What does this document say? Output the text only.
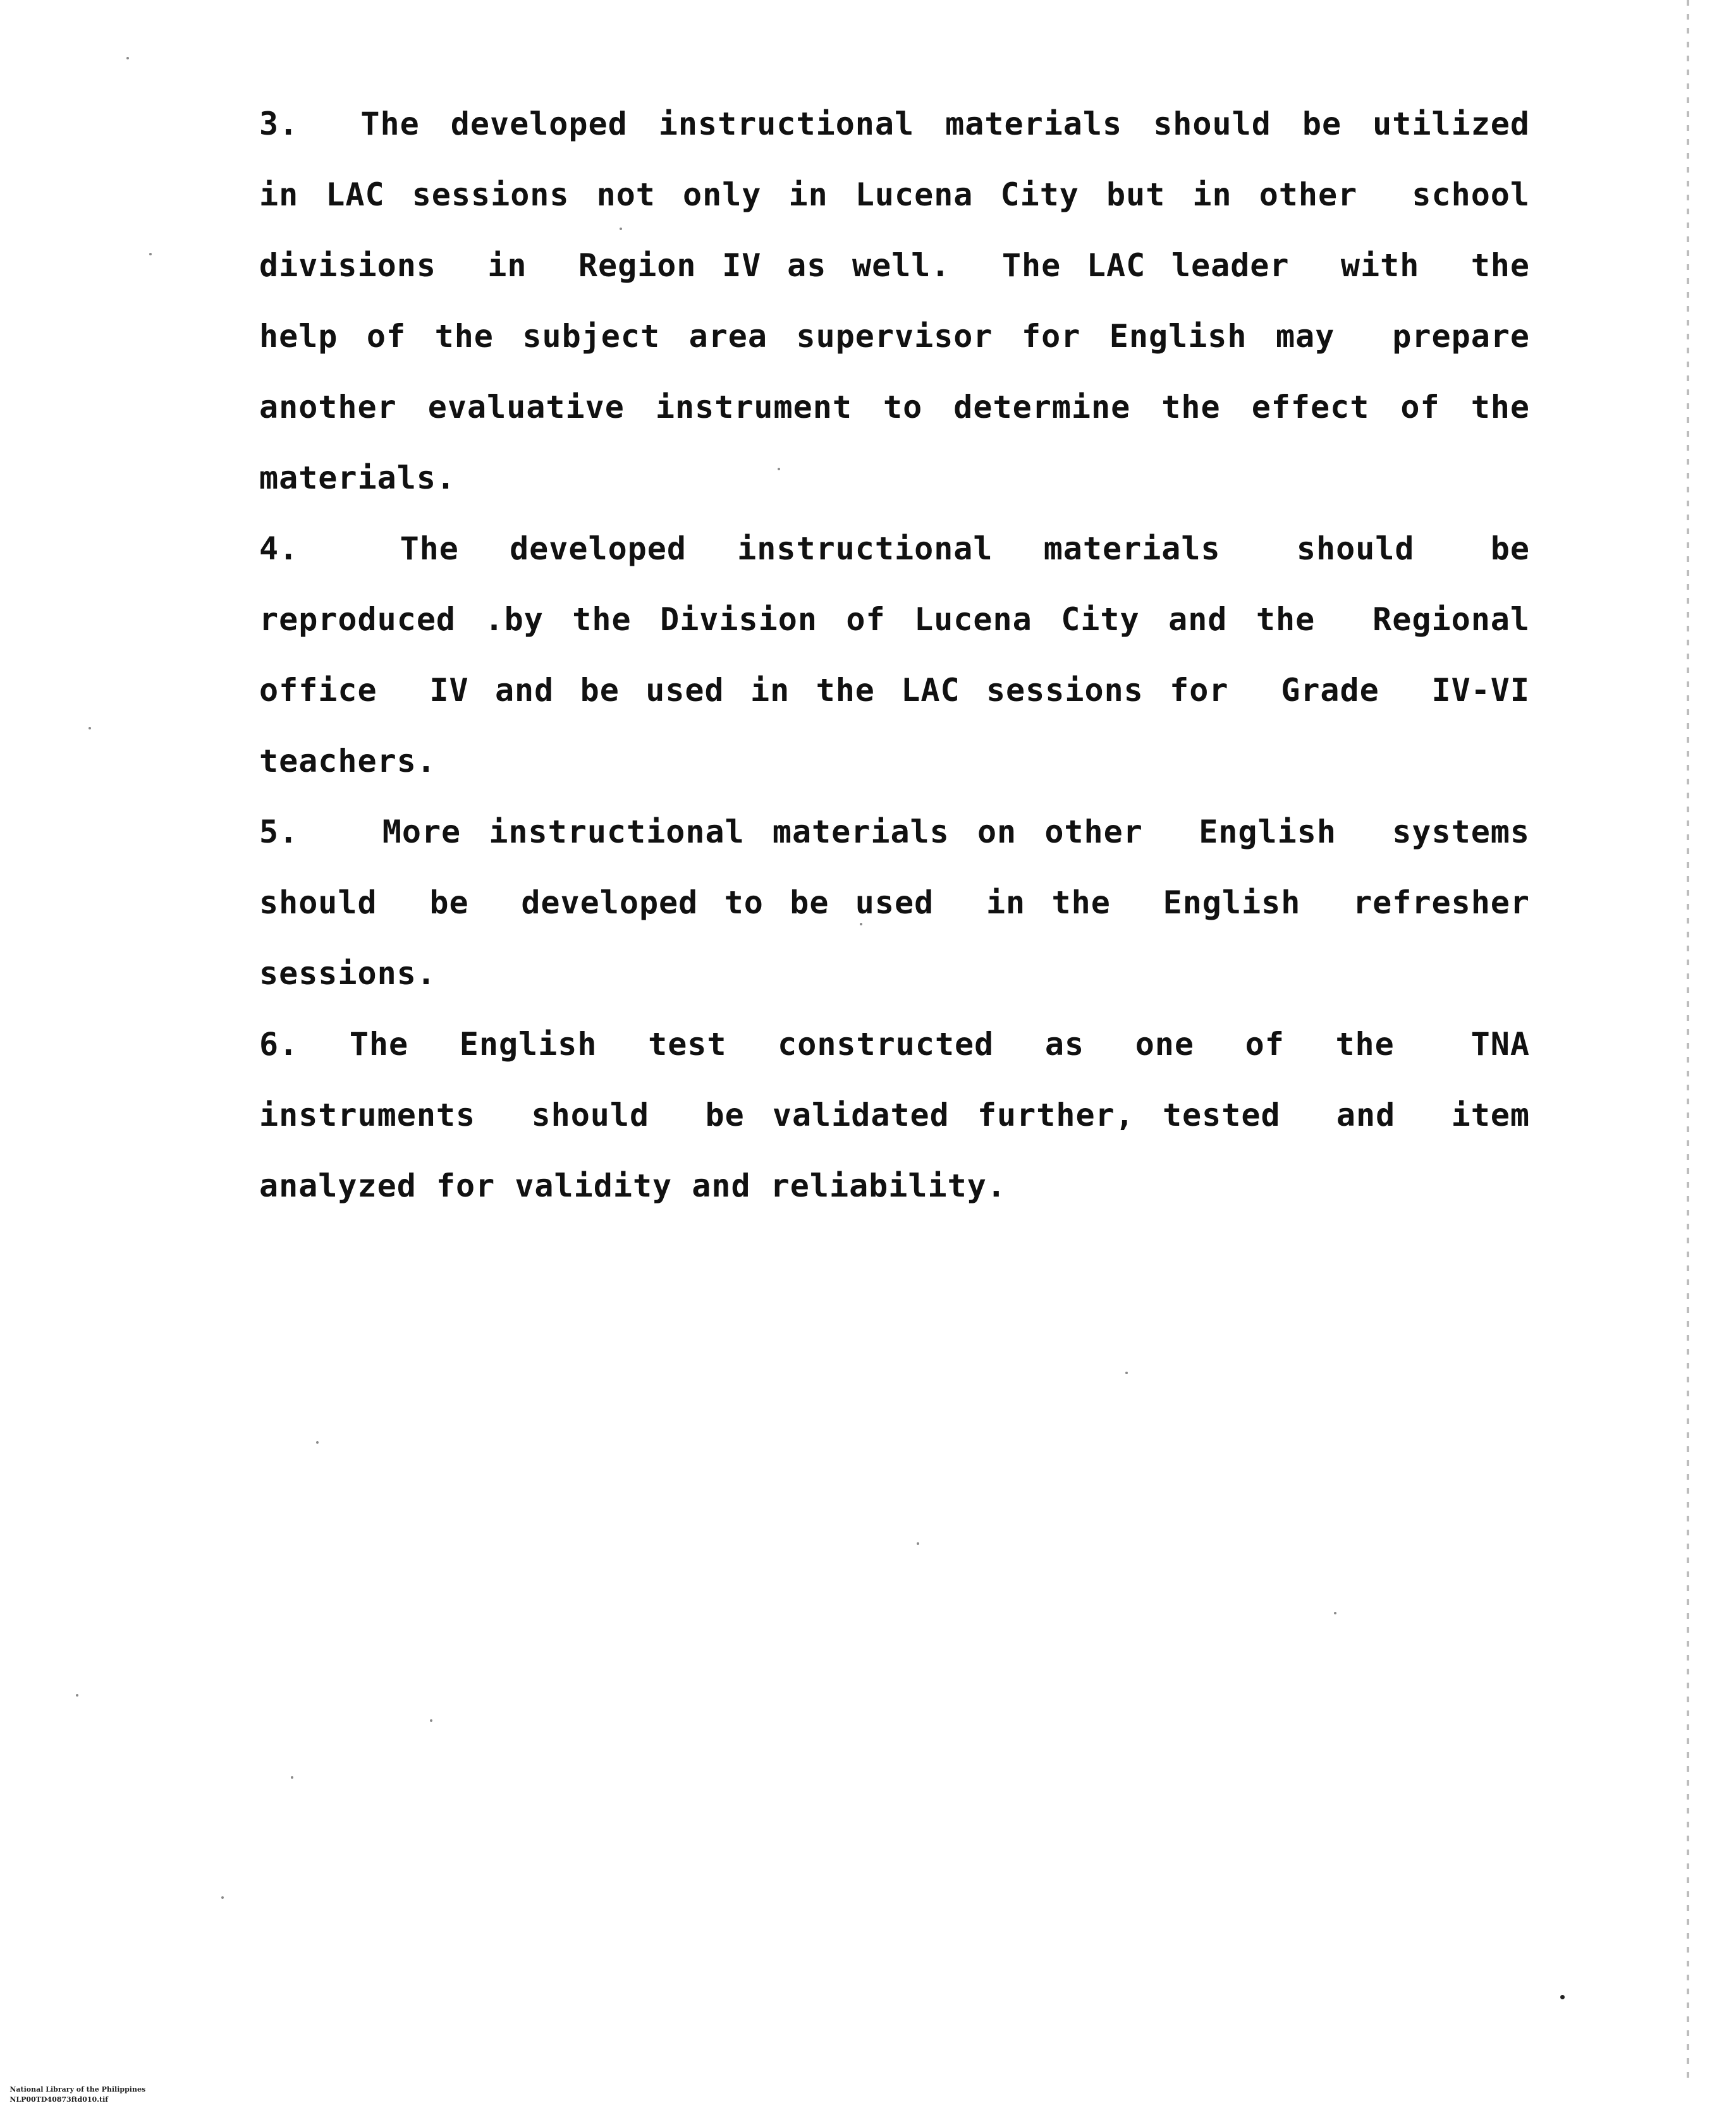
3.  The developed instructional materials should be utilized
in LAC sessions not only in Lucena City but in other  school
divisions  in  Region IV as well.  The LAC leader  with  the
help of the subject area supervisor for English may  prepare
another evaluative instrument to determine the effect of the
materials.
4.    The  developed  instructional  materials   should   be
reproduced .by the Division of Lucena City and the  Regional
office  IV and be used in the LAC sessions for  Grade  IV-VI
teachers.
5.   More instructional materials on other  English  systems
should  be  developed to be used  in the  English  refresher
sessions.
6.  The  English  test  constructed  as  one  of  the   TNA
instruments  should  be validated further, tested  and  item
analyzed for validity and reliability.

National Library of the Philippines
NLP00TD40873ftd010.tif
